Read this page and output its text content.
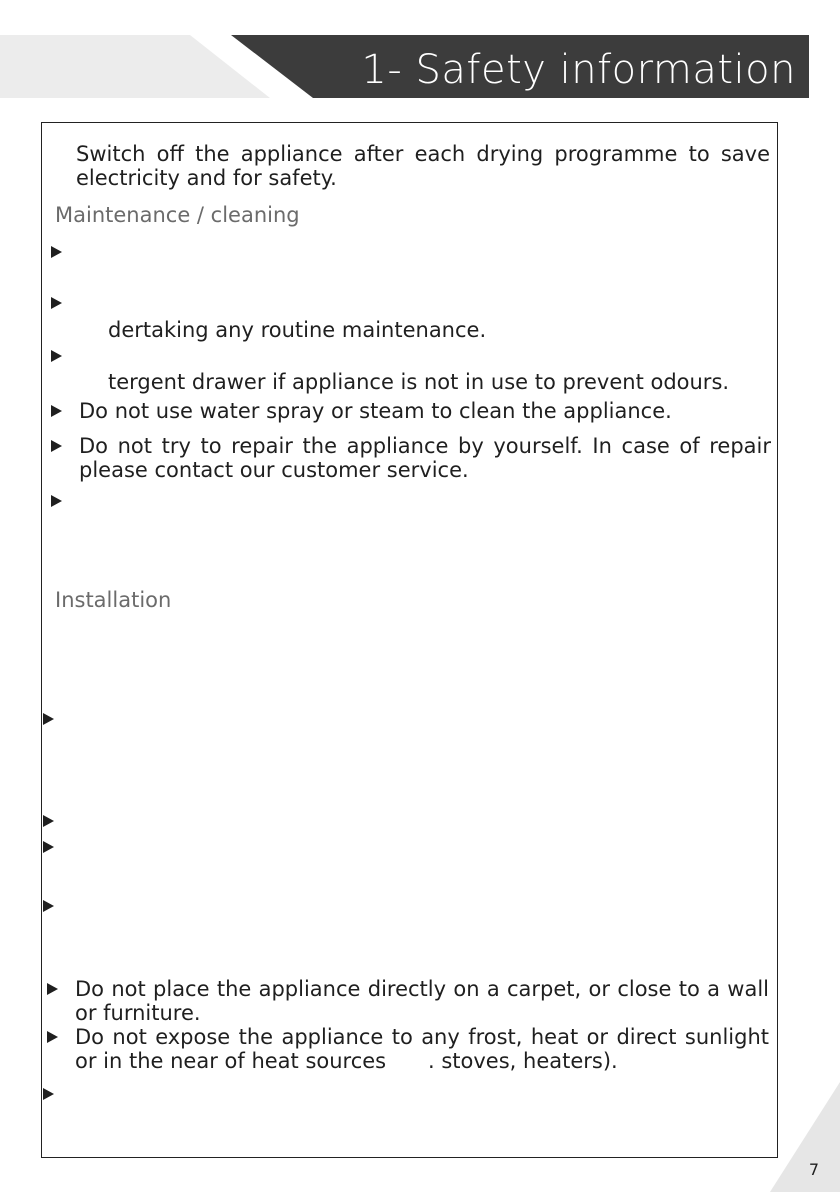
1- Safety information
Switch off the appliance after each drying programme to save
electricity and for safety.
Maintenance / cleaning
dertaking any routine maintenance.
tergent drawer if appliance is not in use to prevent odours.
Do not use water spray or steam to clean the appliance.
Do not try to repair the appliance by yourself. In case of repair
please contact our customer service.
Installation
Do not place the appliance directly on a carpet, or close to a wall
or furniture.
Do not expose the appliance to any frost, heat or direct sunlight
or in the near of heat sources . stoves, heaters).
7
